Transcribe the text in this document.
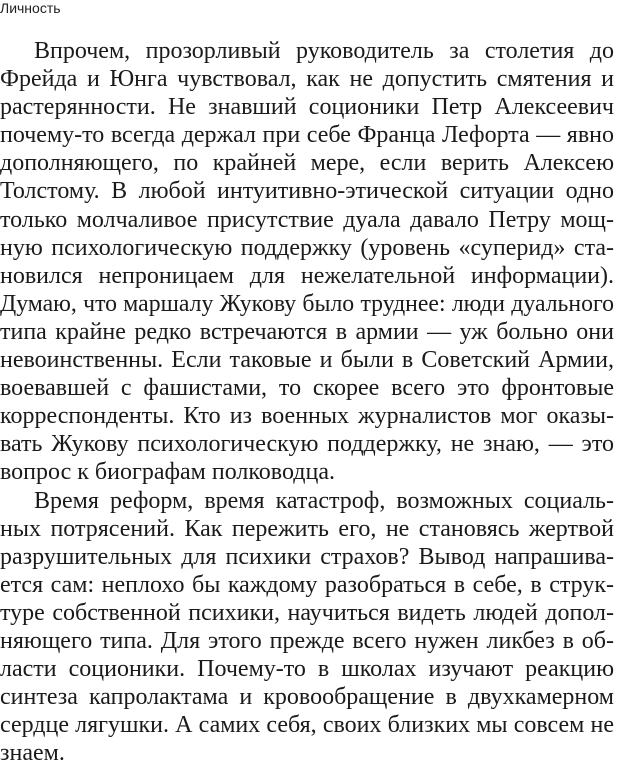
Личность

Впрочем, прозорливый руководитель за столетия до
Фрейда и Юнга чувствовал, как не допустить смятения и
растерянности. Не знавший соционики Петр Алексеевич
почему-то всегда держал при себе Франца Лефорта — явно
дополняющего, по крайней мере, если верить Алексею
Толстому. В любой интуитивно-этической ситуации одно
только молчаливое присутствие дуала давало Петру мощ-
ную психологическую поддержку (уровень «суперид» ста-
новился непроницаем для нежелательной информации).
Думаю, что маршалу Жукову было труднее: люди дуального
типа крайне редко встречаются в армии — уж больно они
невоинственны. Если таковые и были в Советский Армии,
воевавшей с фашистами, то скорее всего это фронтовые
корреспонденты. Кто из военных журналистов мог оказы-
вать Жукову психологическую поддержку, не знаю, — это
вопрос к биографам полководца.

Время реформ, время катастроф, возможных социаль-
ных потрясений. Как пережить его, не становясь жертвой
разрушительных для психики страхов? Вывод напрашива-
ется сам: неплохо бы каждому разобраться в себе, в струк-
туре собственной психики, научиться видеть людей допол-
няющего типа. Для этого прежде всего нужен ликбез в об-
ласти соционики. Почему-то в школах изучают реакцию
синтеза капролактама и кровообращение в двухкамерном
сердце лягушки. А самих себя, своих близких мы совсем не
знаем.
